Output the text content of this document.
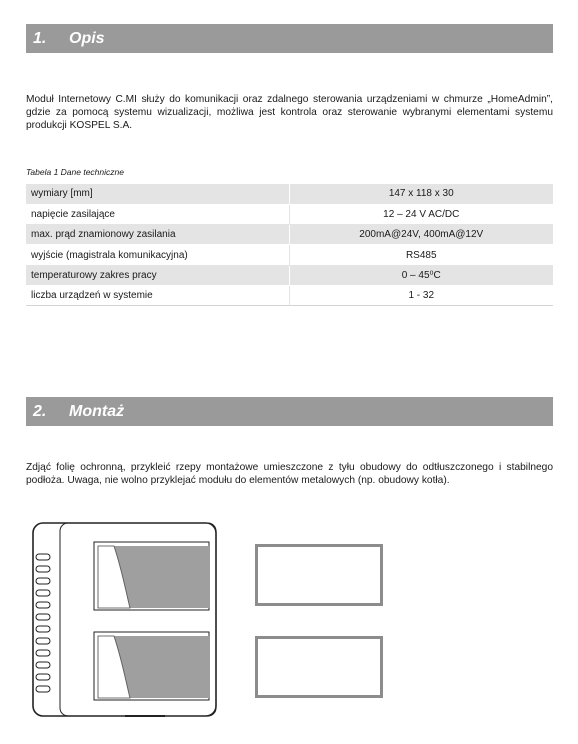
1. Opis
Moduł Internetowy C.MI służy do komunikacji oraz zdalnego sterowania urządzeniami w chmurze „HomeAdmin”, gdzie za pomocą systemu wizualizacji, możliwa jest kontrola oraz sterowanie wybranymi elementami systemu produkcji KOSPEL S.A.
Tabela 1 Dane techniczne
wymiary [mm]	147 x 118 x 30
napięcie zasilające	12 – 24 V AC/DC
max. prąd znamionowy zasilania	200mA@24V, 400mA@12V
wyjście (magistrala komunikacyjna)	RS485
temperaturowy zakres pracy	0 – 45⁰C
liczba urządzeń w systemie	1 - 32
2. Montaż
Zdjąć folię ochronną, przykleić rzepy montażowe umieszczone z tyłu obudowy do odtłuszczonego i stabilnego podłoża. Uwaga, nie wolno przyklejać modułu do elementów metalowych (np. obudowy kotła).
